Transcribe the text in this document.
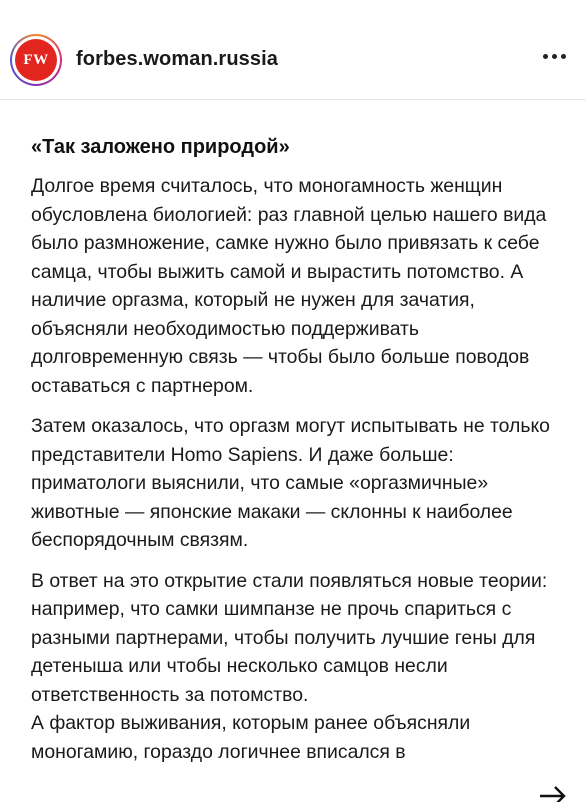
FW	forbes.woman.russia
«Так заложено природой»

Долгое время считалось, что моногамность женщин обусловлена биологией: раз главной целью нашего вида было размножение, самке нужно было привязать к себе самца, чтобы выжить самой и вырастить потомство. А наличие оргазма, который не нужен для зачатия, объясняли необходимостью поддерживать долговременную связь — чтобы было больше поводов оставаться с партнером.

Затем оказалось, что оргазм могут испытывать не только представители Homo Sapiens. И даже больше: приматологи выяснили, что самые «оргазмичные» животные — японские макаки — склонны к наиболее беспорядочным связям.

В ответ на это открытие стали появляться новые теории: например, что самки шимпанзе не прочь спариться с разными партнерами, чтобы получить лучшие гены для детеныша или чтобы несколько самцов несли ответственность за потомство.

А фактор выживания, которым ранее объясняли моногамию, гораздо логичнее вписался в
